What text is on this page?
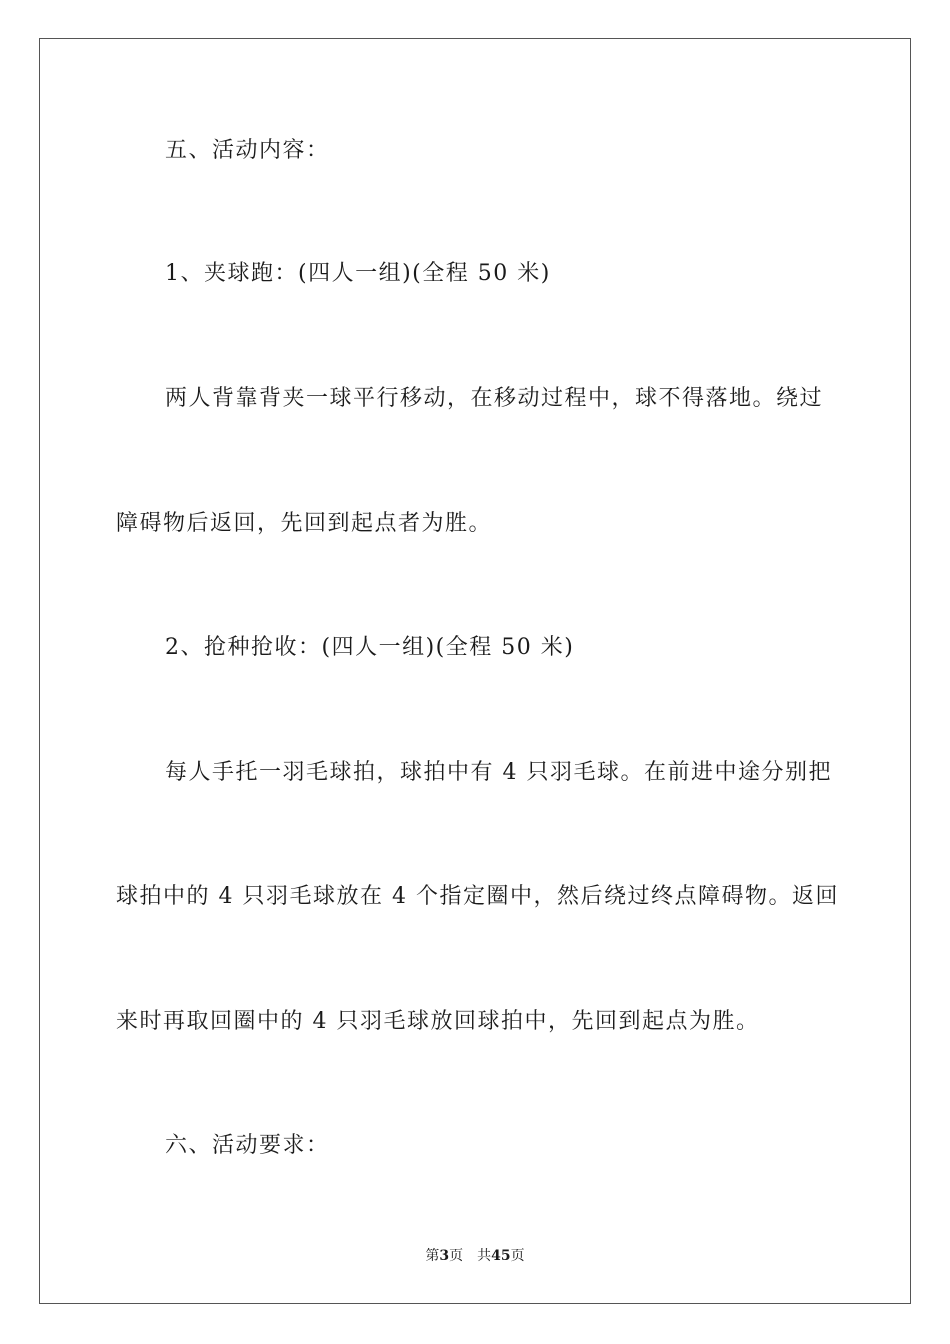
五、活动内容：
1、夹球跑：(四人一组)(全程 50 米)
两人背靠背夹一球平行移动，在移动过程中，球不得落地。绕过
障碍物后返回，先回到起点者为胜。
2、抢种抢收：(四人一组)(全程 50 米)
每人手托一羽毛球拍，球拍中有 4 只羽毛球。在前进中途分别把
球拍中的 4 只羽毛球放在 4 个指定圈中，然后绕过终点障碍物。返回
来时再取回圈中的 4 只羽毛球放回球拍中，先回到起点为胜。
六、活动要求：
第3页 共45页
